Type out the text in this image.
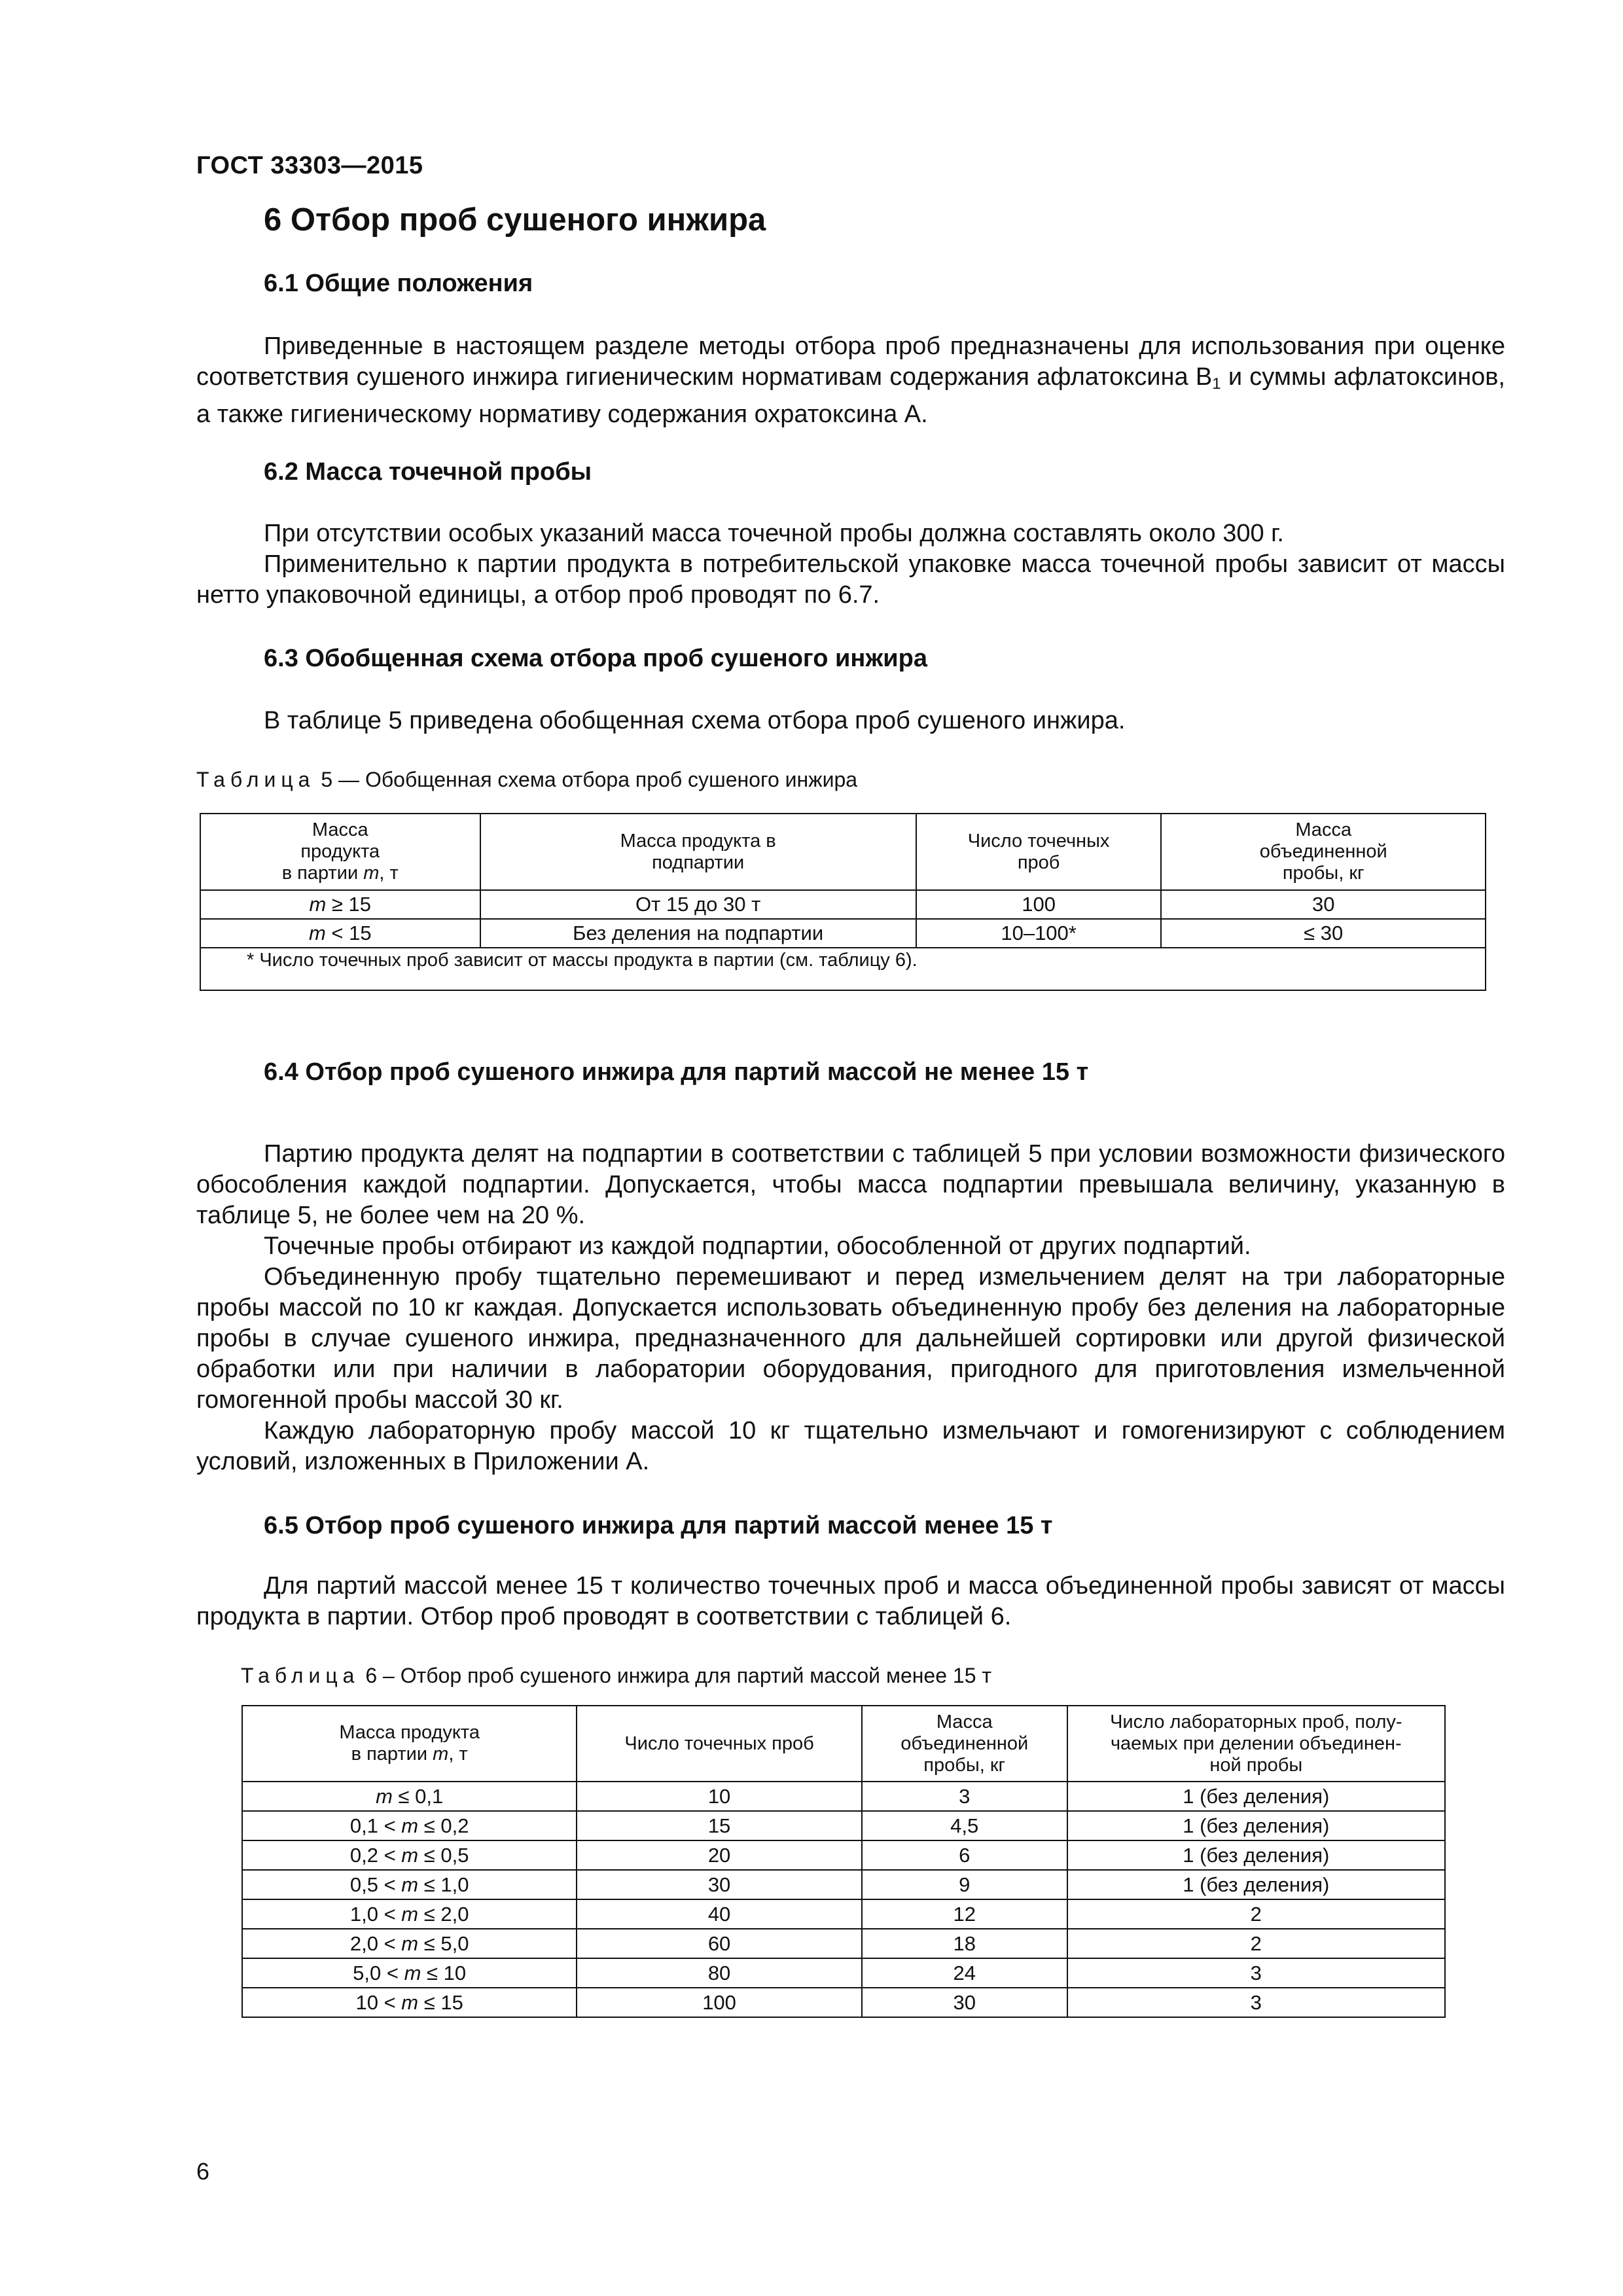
ГОСТ 33303—2015
6 Отбор проб сушеного инжира
6.1 Общие положения

Приведенные в настоящем разделе методы отбора проб предназначены для использования при оценке соответствия сушеного инжира гигиеническим нормативам содержания афлатоксина $B_1$ и суммы афлатоксинов, а также гигиеническому нормативу содержания охратоксина А.

6.2 Масса точечной пробы

При отсутствии особых указаний масса точечной пробы должна составлять около 300 г.

Применительно к партии продукта в потребительской упаковке масса точечной пробы зависит от массы нетто упаковочной единицы, а отбор проб проводят по 6.7.

6.3 Обобщенная схема отбора проб сушеного инжира

В таблице 5 приведена обобщенная схема отбора проб сушеного инжира.

Таблица 5 — Обобщенная схема отбора проб сушеного инжира
Масса
продукта
в партии m, т	Масса продукта в
подпартии	Число точечных
проб	Масса
объединенной
пробы, кг
m ≥ 15	От 15 до 30 т	100	30
m < 15	Без деления на подпартии	10–100*	≤ 30
* Число точечных проб зависит от массы продукта в партии (см. таблицу 6).			
6.4 Отбор проб сушеного инжира для партий массой не менее 15 т

Партию продукта делят на подпартии в соответствии с таблицей 5 при условии возможности физического обособления каждой подпартии. Допускается, чтобы масса подпартии превышала величину, указанную в таблице 5, не более чем на 20 %.

Точечные пробы отбирают из каждой подпартии, обособленной от других подпартий.

Объединенную пробу тщательно перемешивают и перед измельчением делят на три лабораторные пробы массой по 10 кг каждая. Допускается использовать объединенную пробу без деления на лабораторные пробы в случае сушеного инжира, предназначенного для дальнейшей сортировки или другой физической обработки или при наличии в лаборатории оборудования, пригодного для приготовления измельченной гомогенной пробы массой 30 кг.

Каждую лабораторную пробу массой 10 кг тщательно измельчают и гомогенизируют с соблюдением условий, изложенных в Приложении А.

6.5 Отбор проб сушеного инжира для партий массой менее 15 т

Для партий массой менее 15 т количество точечных проб и масса объединенной пробы зависят от массы продукта в партии. Отбор проб проводят в соответствии с таблицей 6.

Таблица 6 – Отбор проб сушеного инжира для партий массой менее 15 т
Масса продукта
в партии m, т	Число точечных проб	Масса
объединенной
пробы, кг	Число лабораторных проб, полу-
чаемых при делении объединен-
ной пробы
m ≤ 0,1	10	3	1 (без деления)
0,1 < m ≤ 0,2	15	4,5	1 (без деления)
0,2 < m ≤ 0,5	20	6	1 (без деления)
0,5 < m ≤ 1,0	30	9	1 (без деления)
1,0 < m ≤ 2,0	40	12	2
2,0 < m ≤ 5,0	60	18	2
5,0 < m ≤ 10	80	24	3
10 < m ≤ 15	100	30	3
6
